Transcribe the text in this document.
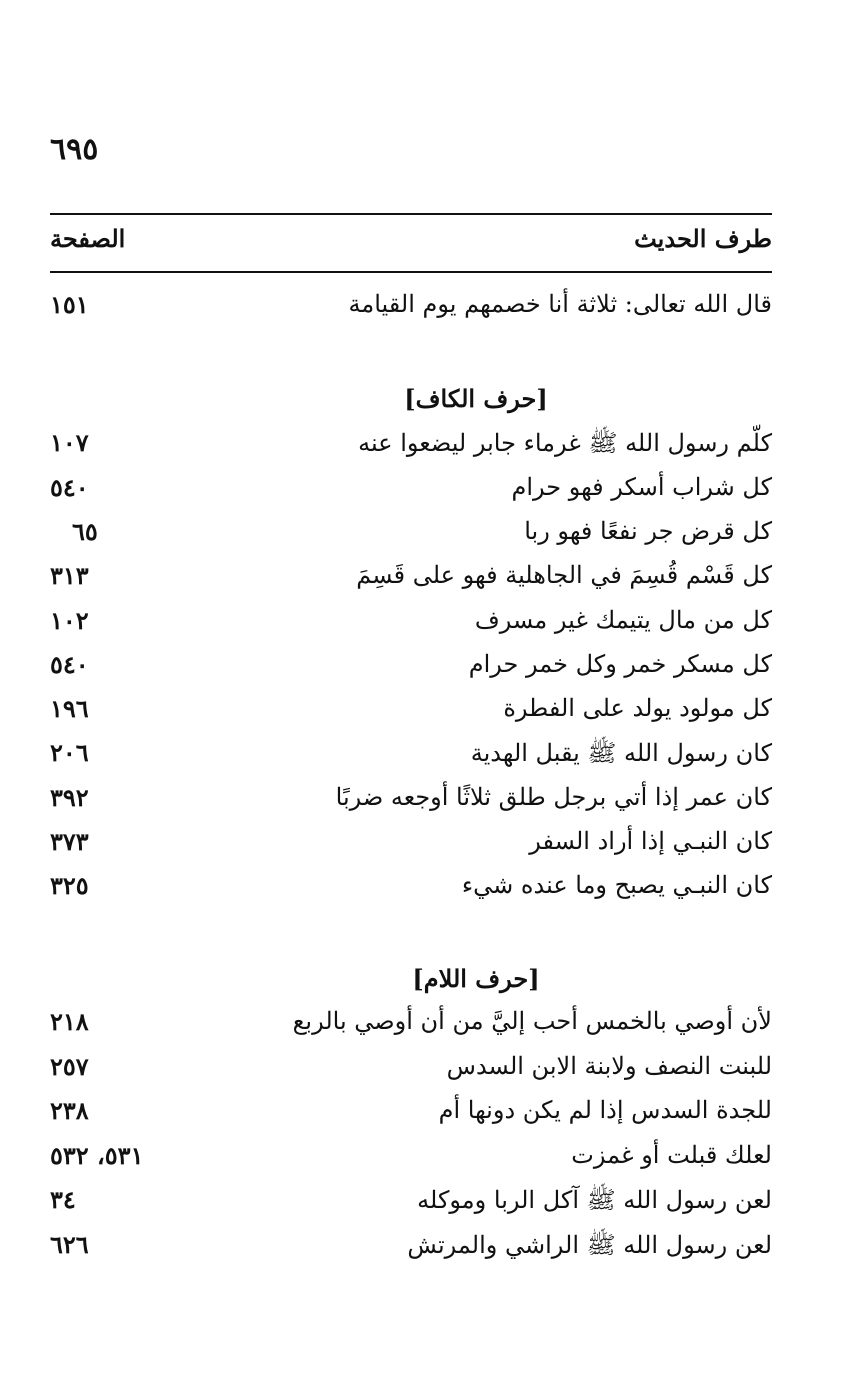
٦٩٥
طرف الحديث
الصفحة
قال الله تعالى: ثلاثة أنا خصمهم يوم القيامة
١٥١
[حرف الكاف]
كلّم رسول الله ﷺ غرماء جابر ليضعوا عنه
١٠٧
كل شراب أسكر فهو حرام
٥٤٠
كل قرض جر نفعًا فهو ربا
٦٥
كل قَسْم قُسِمَ في الجاهلية فهو على قَسِمَ
٣١٣
كل من مال يتيمك غير مسرف
١٠٢
كل مسكر خمر وكل خمر حرام
٥٤٠
كل مولود يولد على الفطرة
١٩٦
كان رسول الله ﷺ يقبل الهدية
٢٠٦
كان عمر إذا أتي برجل طلق ثلاثًا أوجعه ضربًا
٣٩٢
كان النبـي إذا أراد السفر
٣٧٣
كان النبـي يصبح وما عنده شيء
٣٢٥
[حرف اللام]
لأن أوصي بالخمس أحب إليَّ من أن أوصي بالربع
٢١٨
للبنت النصف ولابنة الابن السدس
٢٥٧
للجدة السدس إذا لم يكن دونها أم
٢٣٨
لعلك قبلت أو غمزت
٥٣١، ٥٣٢
لعن رسول الله ﷺ آكل الربا وموكله
٣٤
لعن رسول الله ﷺ الراشي والمرتش
٦٢٦
